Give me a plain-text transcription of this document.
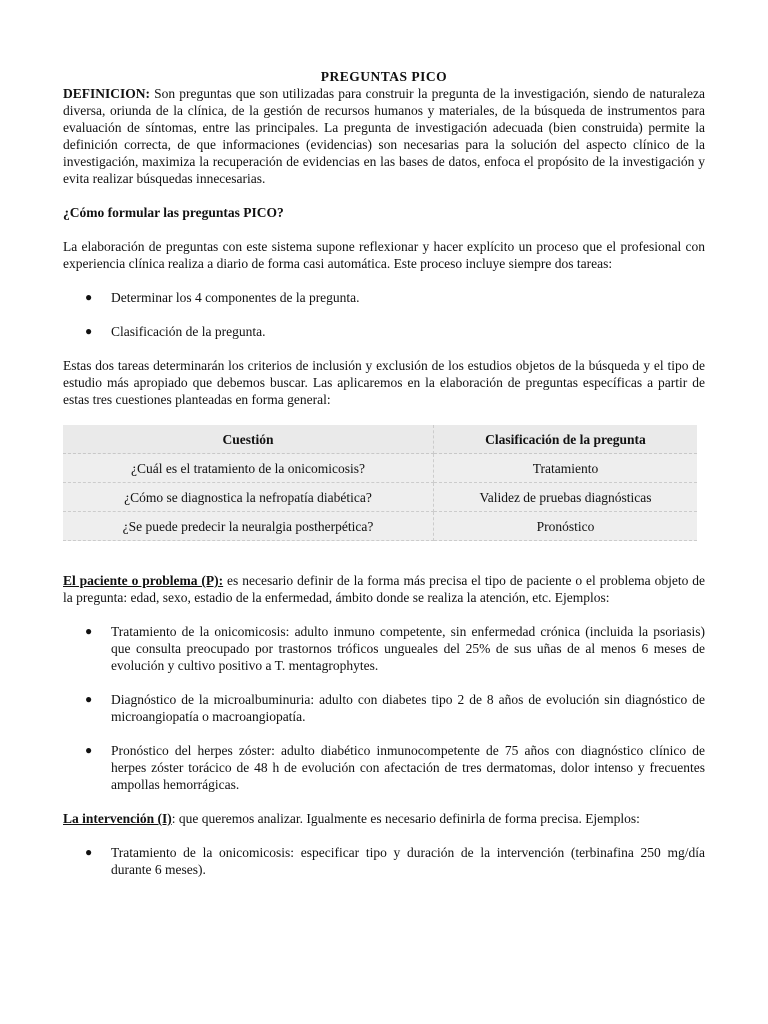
PREGUNTAS PICO

DEFINICION: Son preguntas que son utilizadas para construir la pregunta de la investigación, siendo de naturaleza diversa, oriunda de la clínica, de la gestión de recursos humanos y materiales, de la búsqueda de instrumentos para evaluación de síntomas, entre las principales. La pregunta de investigación adecuada (bien construida) permite la definición correcta, de que informaciones (evidencias) son necesarias para la solución del aspecto clínico de la investigación, maximiza la recuperación de evidencias en las bases de datos, enfoca el propósito de la investigación y evita realizar búsquedas innecesarias.

¿Cómo formular las preguntas PICO?

La elaboración de preguntas con este sistema supone reflexionar y hacer explícito un proceso que el profesional con experiencia clínica realiza a diario de forma casi automática. Este proceso incluye siempre dos tareas:

● Determinar los 4 componentes de la pregunta.
● Clasificación de la pregunta.

Estas dos tareas determinarán los criterios de inclusión y exclusión de los estudios objetos de la búsqueda y el tipo de estudio más apropiado que debemos buscar. Las aplicaremos en la elaboración de preguntas específicas a partir de estas tres cuestiones planteadas en forma general:

Cuestión	Clasificación de la pregunta
¿Cuál es el tratamiento de la onicomicosis?	Tratamiento
¿Cómo se diagnostica la nefropatía diabética?	Validez de pruebas diagnósticas
¿Se puede predecir la neuralgia postherpética?	Pronóstico

El paciente o problema (P): es necesario definir de la forma más precisa el tipo de paciente o el problema objeto de la pregunta: edad, sexo, estadio de la enfermedad, ámbito donde se realiza la atención, etc. Ejemplos:

● Tratamiento de la onicomicosis: adulto inmuno competente, sin enfermedad crónica (incluida la psoriasis) que consulta preocupado por trastornos tróficos ungueales del 25% de sus uñas de al menos 6 meses de evolución y cultivo positivo a T. mentagrophytes.
● Diagnóstico de la microalbuminuria: adulto con diabetes tipo 2 de 8 años de evolución sin diagnóstico de microangiopatía o macroangiopatía.
● Pronóstico del herpes zóster: adulto diabético inmunocompetente de 75 años con diagnóstico clínico de herpes zóster torácico de 48 h de evolución con afectación de tres dermatomas, dolor intenso y frecuentes ampollas hemorrágicas.

La intervención (I): que queremos analizar. Igualmente es necesario definirla de forma precisa. Ejemplos:

● Tratamiento de la onicomicosis: especificar tipo y duración de la intervención (terbinafina 250 mg/día durante 6 meses).
